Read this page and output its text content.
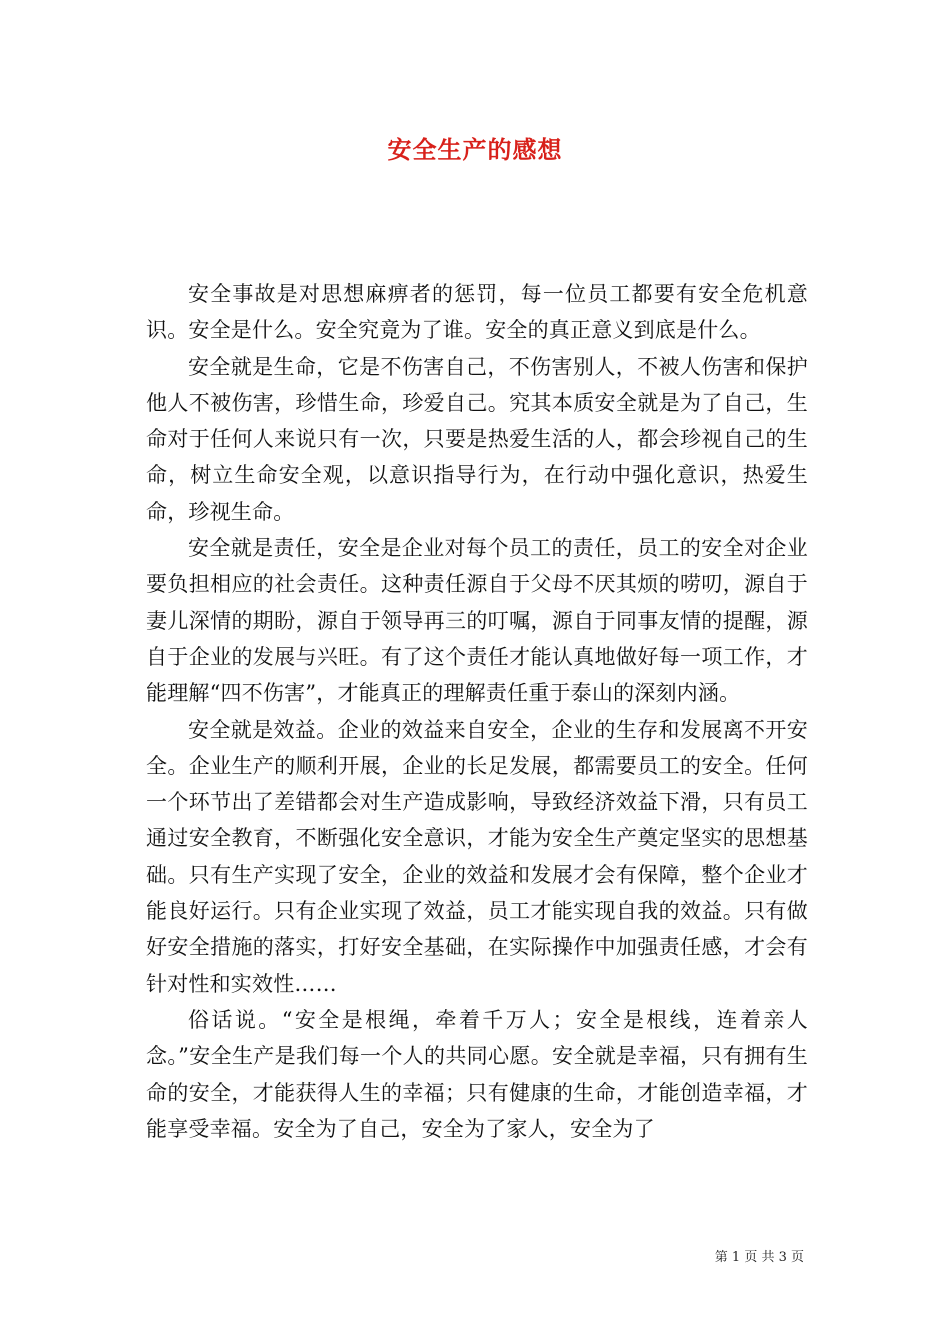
安全生产的感想

安全事故是对思想麻痹者的惩罚，每一位员工都要有安全危机意识。安全是什么。安全究竟为了谁。安全的真正意义到底是什么。

安全就是生命，它是不伤害自己，不伤害别人，不被人伤害和保护他人不被伤害，珍惜生命，珍爱自己。究其本质安全就是为了自己，生命对于任何人来说只有一次，只要是热爱生活的人，都会珍视自己的生命，树立生命安全观，以意识指导行为，在行动中强化意识，热爱生命，珍视生命。

安全就是责任，安全是企业对每个员工的责任，员工的安全对企业要负担相应的社会责任。这种责任源自于父母不厌其烦的唠叨，源自于妻儿深情的期盼，源自于领导再三的叮嘱，源自于同事友情的提醒，源自于企业的发展与兴旺。有了这个责任才能认真地做好每一项工作，才能理解“四不伤害”，才能真正的理解责任重于泰山的深刻内涵。

安全就是效益。企业的效益来自安全，企业的生存和发展离不开安全。企业生产的顺利开展，企业的长足发展，都需要员工的安全。任何一个环节出了差错都会对生产造成影响，导致经济效益下滑，只有员工通过安全教育，不断强化安全意识，才能为安全生产奠定坚实的思想基础。只有生产实现了安全，企业的效益和发展才会有保障，整个企业才能良好运行。只有企业实现了效益，员工才能实现自我的效益。只有做好安全措施的落实，打好安全基础，在实际操作中加强责任感，才会有针对性和实效性……

俗话说。“安全是根绳，牵着千万人；安全是根线，连着亲人念。”安全生产是我们每一个人的共同心愿。安全就是幸福，只有拥有生命的安全，才能获得人生的幸福；只有健康的生命，才能创造幸福，才能享受幸福。安全为了自己，安全为了家人，安全为了

第 1 页 共 3 页
